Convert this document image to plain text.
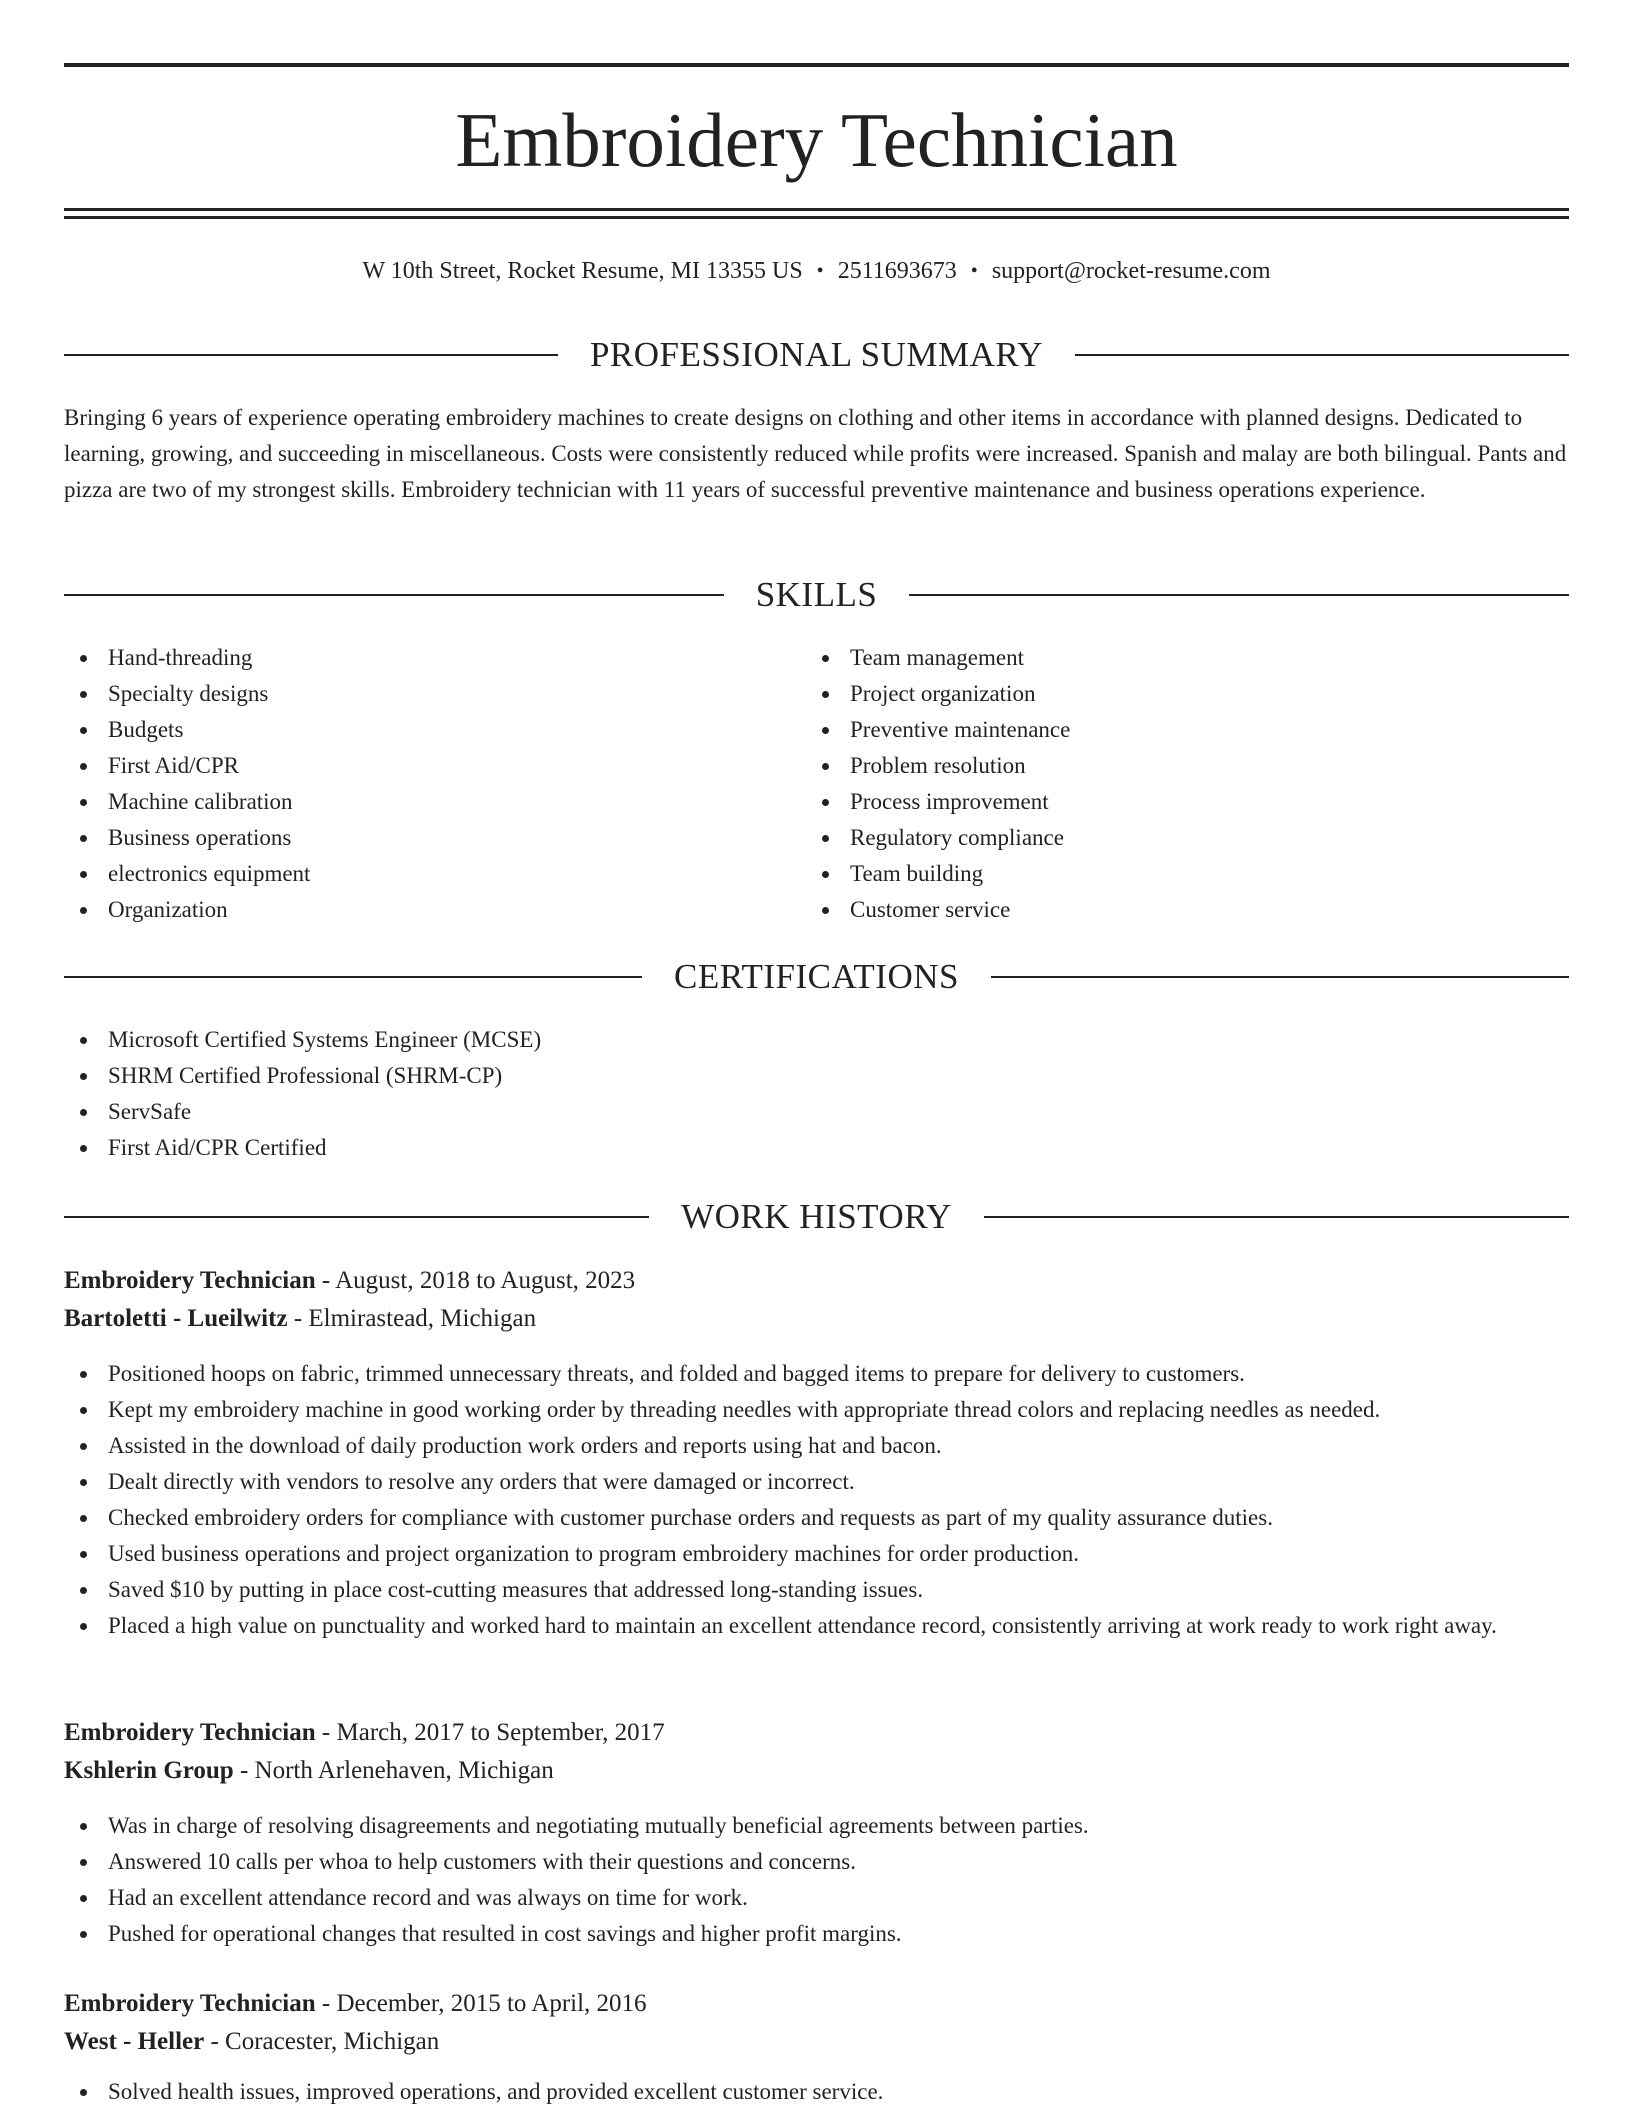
Embroidery Technician
W 10th Street, Rocket Resume, MI 13355 US • 2511693673 • support@rocket-resume.com
PROFESSIONAL SUMMARY

Bringing 6 years of experience operating embroidery machines to create designs on clothing and other items in accordance with planned designs. Dedicated to learning, growing, and succeeding in miscellaneous. Costs were consistently reduced while profits were increased. Spanish and malay are both bilingual. Pants and pizza are two of my strongest skills. Embroidery technician with 11 years of successful preventive maintenance and business operations experience.

SKILLS
Hand-threading
Specialty designs
Budgets
First Aid/CPR
Machine calibration
Business operations
electronics equipment
Organization
Team management
Project organization
Preventive maintenance
Problem resolution
Process improvement
Regulatory compliance
Team building
Customer service
CERTIFICATIONS
Microsoft Certified Systems Engineer (MCSE)
SHRM Certified Professional (SHRM-CP)
ServSafe
First Aid/CPR Certified
WORK HISTORY
Embroidery Technician - August, 2018 to August, 2023
Bartoletti - Lueilwitz - Elmirastead, Michigan
Positioned hoops on fabric, trimmed unnecessary threats, and folded and bagged items to prepare for delivery to customers.
Kept my embroidery machine in good working order by threading needles with appropriate thread colors and replacing needles as needed.
Assisted in the download of daily production work orders and reports using hat and bacon.
Dealt directly with vendors to resolve any orders that were damaged or incorrect.
Checked embroidery orders for compliance with customer purchase orders and requests as part of my quality assurance duties.
Used business operations and project organization to program embroidery machines for order production.
Saved $10 by putting in place cost-cutting measures that addressed long-standing issues.
Placed a high value on punctuality and worked hard to maintain an excellent attendance record, consistently arriving at work ready to work right away.
Embroidery Technician - March, 2017 to September, 2017
Kshlerin Group - North Arlenehaven, Michigan
Was in charge of resolving disagreements and negotiating mutually beneficial agreements between parties.
Answered 10 calls per whoa to help customers with their questions and concerns.
Had an excellent attendance record and was always on time for work.
Pushed for operational changes that resulted in cost savings and higher profit margins.
Embroidery Technician - December, 2015 to April, 2016
West - Heller - Coracester, Michigan
Solved health issues, improved operations, and provided excellent customer service.
